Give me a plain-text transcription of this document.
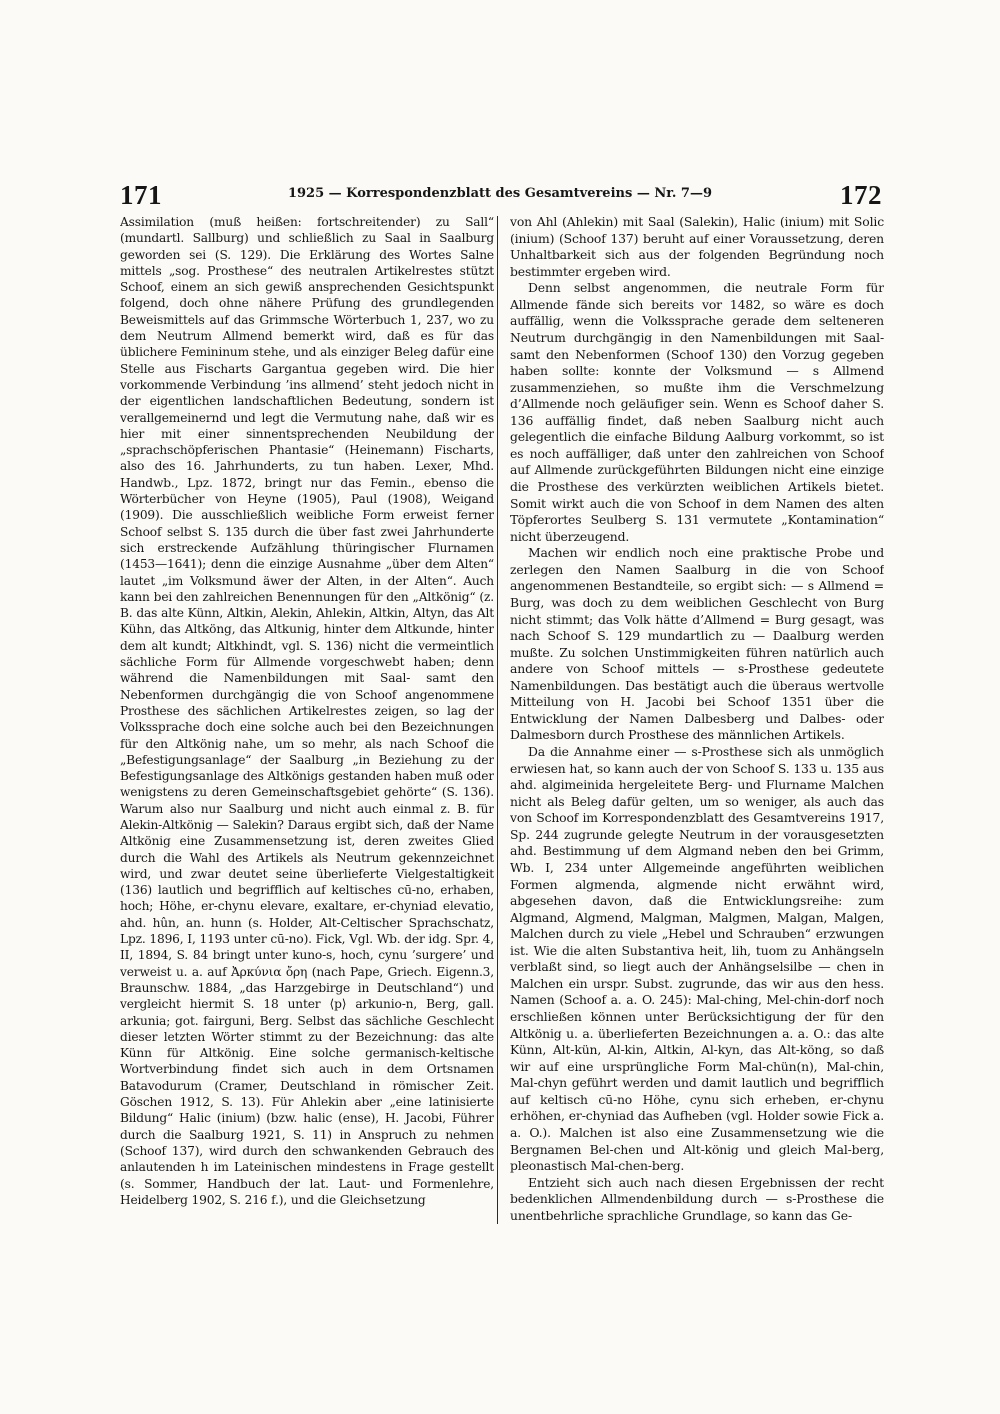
171	1925 — Korrespondenzblatt des Gesamtvereins — Nr. 7—9	172

Assimilation (muß heißen: fortschreitender) zu Sall“ (mundartl. Sallburg) und schließlich zu Saal in Saalburg geworden sei (S. 129). Die Erklärung des Wortes Salne mittels „sog. Prosthese“ des neutralen Artikelrestes stützt Schoof, einem an sich gewiß ansprechenden Gesichtspunkt folgend, doch ohne nähere Prüfung des grundlegenden Beweismittels auf das Grimmsche Wörterbuch 1, 237, wo zu dem Neutrum Allmend bemerkt wird, daß es für das üblichere Femininum stehe, und als einziger Beleg dafür eine Stelle aus Fischarts Gargantua gegeben wird. Die hier vorkommende Verbindung ’ins allmend’ steht jedoch nicht in der eigentlichen landschaftlichen Bedeutung, sondern ist verallgemeinernd und legt die Vermutung nahe, daß wir es hier mit einer sinnentsprechenden Neubildung der „sprachschöpferischen Phantasie“ (Heinemann) Fischarts, also des 16. Jahrhunderts, zu tun haben. Lexer, Mhd. Handwb., Lpz. 1872, bringt nur das Femin., ebenso die Wörterbücher von Heyne (1905), Paul (1908), Weigand (1909). Die ausschließlich weibliche Form erweist ferner Schoof selbst S. 135 durch die über fast zwei Jahrhunderte sich erstreckende Aufzählung thüringischer Flurnamen (1453—1641); denn die einzige Ausnahme „über dem Alten“ lautet „im Volksmund äwer der Alten, in der Alten“. Auch kann bei den zahlreichen Benennungen für den „Altkönig“ (z. B. das alte Künn, Altkin, Alekin, Ahlekin, Altkin, Altyn, das Alt Kühn, das Altköng, das Altkunig, hinter dem Altkunde, hinter dem alt kundt; Altkhindt, vgl. S. 136) nicht die vermeintlich sächliche Form für Allmende vorgeschwebt haben; denn während die Namenbildungen mit Saal- samt den Nebenformen durchgängig die von Schoof angenommene Prosthese des sächlichen Artikelrestes zeigen, so lag der Volkssprache doch eine solche auch bei den Bezeichnungen für den Altkönig nahe, um so mehr, als nach Schoof die „Befestigungsanlage“ der Saalburg „in Beziehung zu der Befestigungsanlage des Altkönigs gestanden haben muß oder wenigstens zu deren Gemeinschaftsgebiet gehörte“ (S. 136). Warum also nur Saalburg und nicht auch einmal z. B. für Alekin-Altkönig — Salekin? Daraus ergibt sich, daß der Name Altkönig eine Zusammensetzung ist, deren zweites Glied durch die Wahl des Artikels als Neutrum gekennzeichnet wird, und zwar deutet seine überlieferte Vielgestaltigkeit (136) lautlich und begrifflich auf keltisches cū-no, erhaben, hoch; Höhe, er-chynu elevare, exaltare, er-chyniad elevatio, ahd. hûn, an. hunn (s. Holder, Alt-Celtischer Sprachschatz, Lpz. 1896, I, 1193 unter cū-no). Fick, Vgl. Wb. der idg. Spr. 4, II, 1894, S. 84 bringt unter kuno-s, hoch, cynu ’surgere’ und verweist u. a. auf Ἀρκύνια ὄρη (nach Pape, Griech. Eigenn.3, Braunschw. 1884, „das Harzgebirge in Deutschland“) und vergleicht hiermit S. 18 unter ⟨p⟩ arkunio-n, Berg, gall. arkunia; got. fairguni, Berg. Selbst das sächliche Geschlecht dieser letzten Wörter stimmt zu der Bezeichnung: das alte Künn für Altkönig. Eine solche germanisch-keltische Wortverbindung findet sich auch in dem Ortsnamen Batavodurum (Cramer, Deutschland in römischer Zeit. Göschen 1912, S. 13). Für Ahlekin aber „eine latinisierte Bildung“ Halic (inium) (bzw. halic (ense), H. Jacobi, Führer durch die Saalburg 1921, S. 11) in Anspruch zu nehmen (Schoof 137), wird durch den schwankenden Gebrauch des anlautenden h im Lateinischen mindestens in Frage gestellt (s. Sommer, Handbuch der lat. Laut- und Formenlehre, Heidelberg 1902, S. 216 f.), und die Gleichsetzung

von Ahl (Ahlekin) mit Saal (Salekin), Halic (inium) mit Solic (inium) (Schoof 137) beruht auf einer Voraussetzung, deren Unhaltbarkeit sich aus der folgenden Begründung noch bestimmter ergeben wird.

Denn selbst angenommen, die neutrale Form für Allmende fände sich bereits vor 1482, so wäre es doch auffällig, wenn die Volkssprache gerade dem selteneren Neutrum durchgängig in den Namenbildungen mit Saal- samt den Nebenformen (Schoof 130) den Vorzug gegeben haben sollte: konnte der Volksmund — s Allmend zusammenziehen, so mußte ihm die Verschmelzung d’Allmende noch geläufiger sein. Wenn es Schoof daher S. 136 auffällig findet, daß neben Saalburg nicht auch gelegentlich die einfache Bildung Aalburg vorkommt, so ist es noch auffälliger, daß unter den zahlreichen von Schoof auf Allmende zurückgeführten Bildungen nicht eine einzige die Prosthese des verkürzten weiblichen Artikels bietet. Somit wirkt auch die von Schoof in dem Namen des alten Töpferortes Seulberg S. 131 vermutete „Kontamination“ nicht überzeugend.

Machen wir endlich noch eine praktische Probe und zerlegen den Namen Saalburg in die von Schoof angenommenen Bestandteile, so ergibt sich: — s Allmend = Burg, was doch zu dem weiblichen Geschlecht von Burg nicht stimmt; das Volk hätte d’Allmend = Burg gesagt, was nach Schoof S. 129 mundartlich zu — Daalburg werden mußte. Zu solchen Unstimmigkeiten führen natürlich auch andere von Schoof mittels — s-Prosthese gedeutete Namenbildungen. Das bestätigt auch die überaus wertvolle Mitteilung von H. Jacobi bei Schoof 1351 über die Entwicklung der Namen Dalbesberg und Dalbes- oder Dalmesborn durch Prosthese des männlichen Artikels.

Da die Annahme einer — s-Prosthese sich als unmöglich erwiesen hat, so kann auch der von Schoof S. 133 u. 135 aus ahd. algimeinida hergeleitete Berg- und Flurname Malchen nicht als Beleg dafür gelten, um so weniger, als auch das von Schoof im Korrespondenzblatt des Gesamtvereins 1917, Sp. 244 zugrunde gelegte Neutrum in der vorausgesetzten ahd. Bestimmung uf dem Algmand neben den bei Grimm, Wb. I, 234 unter Allgemeinde angeführten weiblichen Formen algmenda, algmende nicht erwähnt wird, abgesehen davon, daß die Entwicklungsreihe: zum Algmand, Algmend, Malgman, Malgmen, Malgan, Malgen, Malchen durch zu viele „Hebel und Schrauben“ erzwungen ist. Wie die alten Substantiva heit, lih, tuom zu Anhängseln verblaßt sind, so liegt auch der Anhängselsilbe — chen in Malchen ein urspr. Subst. zugrunde, das wir aus den hess. Namen (Schoof a. a. O. 245): Mal-ching, Mel-chin-dorf noch erschließen können unter Berücksichtigung der für den Altkönig u. a. überlieferten Bezeichnungen a. a. O.: das alte Künn, Alt-kün, Al-kin, Altkin, Al-kyn, das Alt-köng, so daß wir auf eine ursprüngliche Form Mal-chün(n), Mal-chin, Mal-chyn geführt werden und damit lautlich und begrifflich auf keltisch cū-no Höhe, cynu sich erheben, er-chynu erhöhen, er-chyniad das Aufheben (vgl. Holder sowie Fick a. a. O.). Malchen ist also eine Zusammensetzung wie die Bergnamen Bel-chen und Alt-könig und gleich Mal-berg, pleonastisch Mal-chen-berg.

Entzieht sich auch nach diesen Ergebnissen der recht bedenklichen Allmendenbildung durch — s-Prosthese die unentbehrliche sprachliche Grundlage, so kann das Ge-
